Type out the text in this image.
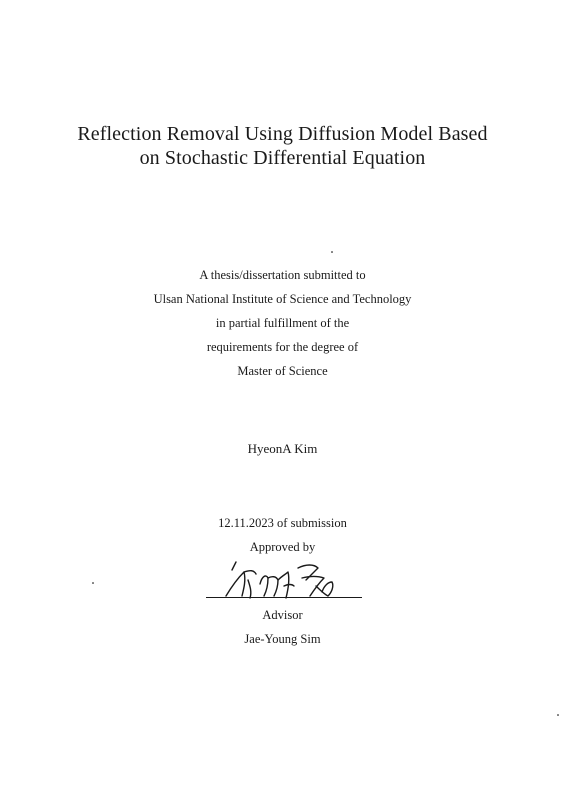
Reflection Removal Using Diffusion Model Based
on Stochastic Differential Equation
A thesis/dissertation submitted to
Ulsan National Institute of Science and Technology
in partial fulfillment of the
requirements for the degree of
Master of Science
HyeonA Kim
12.11.2023 of submission
Approved by
Advisor
Jae-Young Sim
